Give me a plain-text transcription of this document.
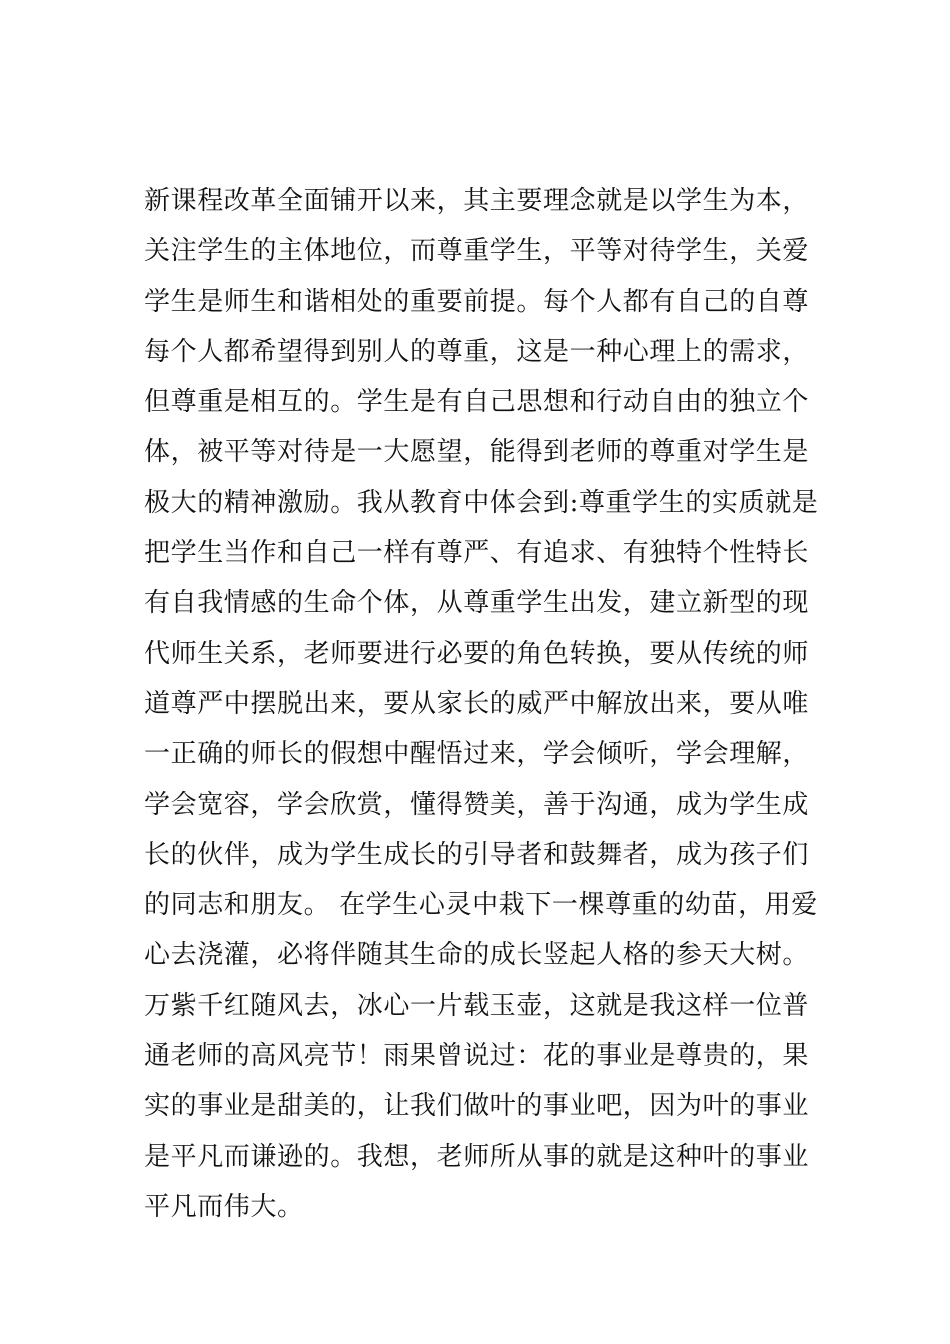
新课程改革全面铺开以来，其主要理念就是以学生为本，
关注学生的主体地位，而尊重学生，平等对待学生，关爱
学生是师生和谐相处的重要前提。每个人都有自己的自尊
每个人都希望得到别人的尊重，这是一种心理上的需求，
但尊重是相互的。学生是有自己思想和行动自由的独立个
体，被平等对待是一大愿望，能得到老师的尊重对学生是
极大的精神激励。我从教育中体会到:尊重学生的实质就是
把学生当作和自己一样有尊严、有追求、有独特个性特长
有自我情感的生命个体，从尊重学生出发，建立新型的现
代师生关系，老师要进行必要的角色转换，要从传统的师
道尊严中摆脱出来，要从家长的威严中解放出来，要从唯
一正确的师长的假想中醒悟过来，学会倾听，学会理解，
学会宽容，学会欣赏，懂得赞美，善于沟通，成为学生成
长的伙伴，成为学生成长的引导者和鼓舞者，成为孩子们
的同志和朋友。 在学生心灵中栽下一棵尊重的幼苗，用爱
心去浇灌，必将伴随其生命的成长竖起人格的参天大树。
万紫千红随风去，冰心一片载玉壶，这就是我这样一位普
通老师的高风亮节！雨果曾说过：花的事业是尊贵的，果
实的事业是甜美的，让我们做叶的事业吧，因为叶的事业
是平凡而谦逊的。我想，老师所从事的就是这种叶的事业
平凡而伟大。
